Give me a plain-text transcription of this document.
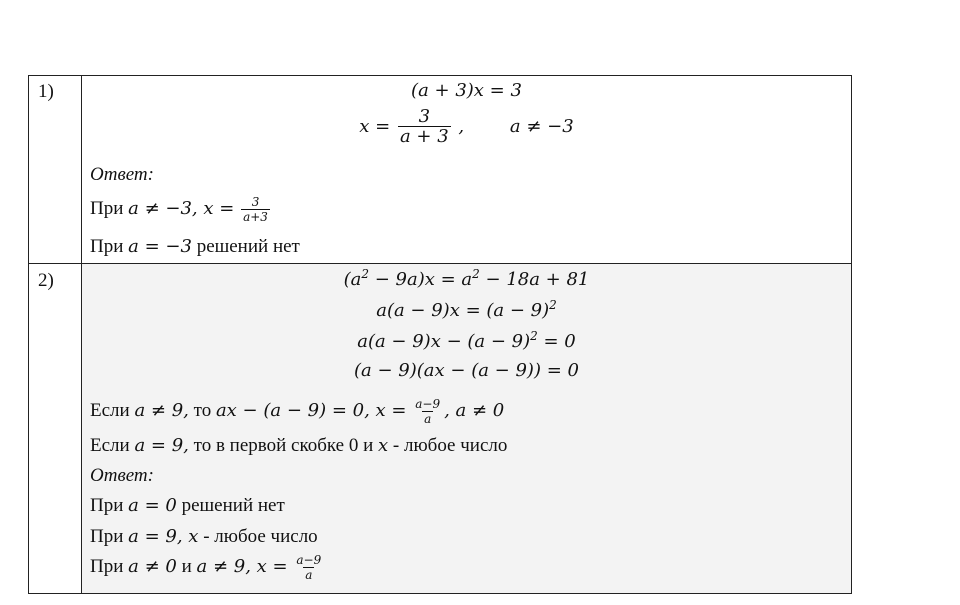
1)	(a + 3)x = 3
$x = \frac{3}{a + 3}$ ,        a ≠ −3
Ответ:
При a ≠ −3, $x = \frac{3}{a+3}$
При a = −3 решений нет
2)	$(a^2 - 9a)x = a^2 - 18a + 81$
$a(a - 9)x = (a - 9)^2$
$a(a - 9)x - (a - 9)^2 = 0$
(a − 9)(ax − (a − 9)) = 0
Если a ≠ 9, то ax − (a − 9) = 0, $x = \frac{a-9}{a}$ , a ≠ 0
Если a = 9, то в первой скобке 0 и x - любое число
Ответ:
При a = 0 решений нет
При a = 9, x - любое число
При a ≠ 0 и a ≠ 9, $x = \frac{a-9}{a}$
